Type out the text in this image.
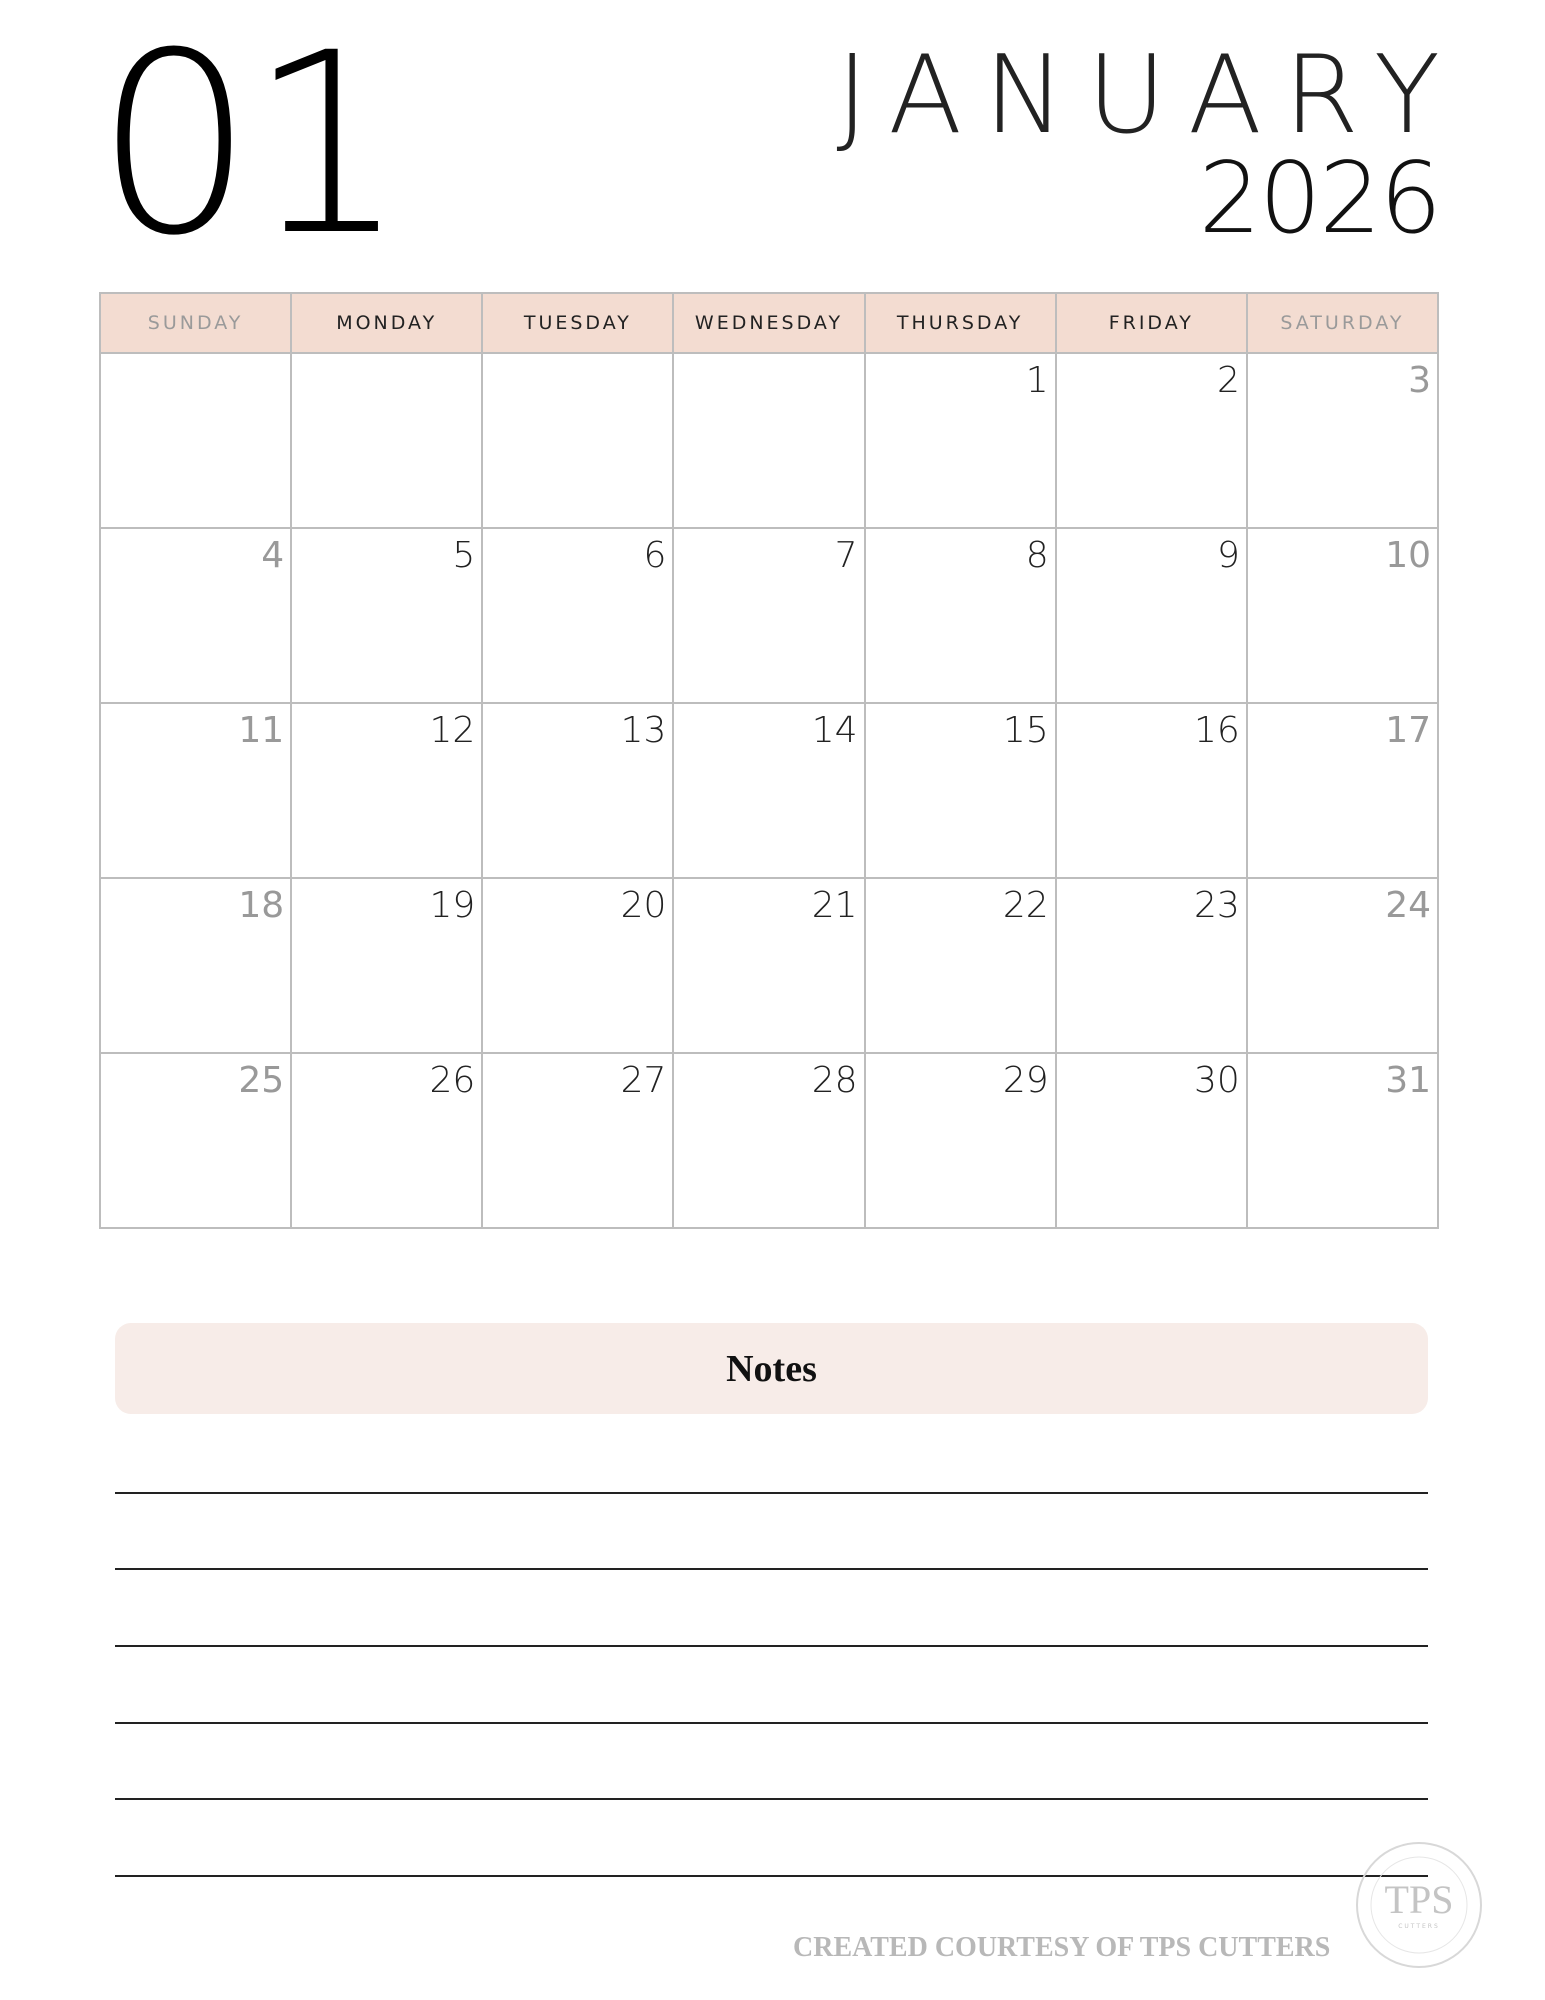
01	JANUARY
2026
SUNDAY	MONDAY	TUESDAY	WEDNESDAY	THURSDAY	FRIDAY	SATURDAY

				1	2	3

4	5	6	7	8	9	10

11	12	13	14	15	16	17

18	19	20	21	22	23	24

25	26	27	28	29	30	31
Notes
CREATED COURTESY OF TPS CUTTERS
TPS
CUTTERS
